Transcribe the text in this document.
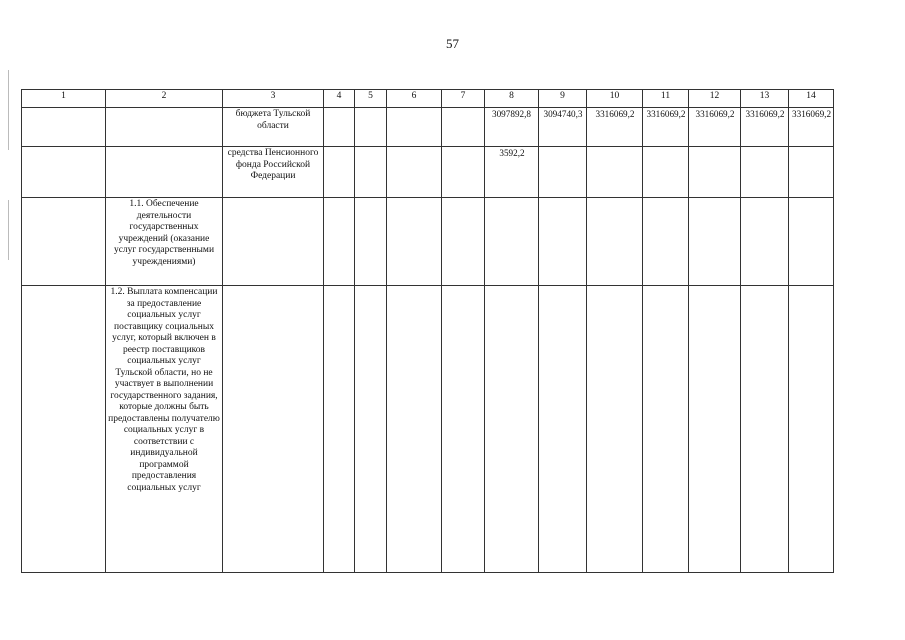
57
1	2	3	4	5	6	7	8	9	10	11	12	13	14
		бюджета Тульской области					3097892,8	3094740,3	3316069,2	3316069,2	3316069,2	3316069,2	3316069,2
		средства Пенсионного фонда Российской Федерации					3592,2						
	1.1. Обеспечение деятельности государственных учреждений (оказание услуг государственными учреждениями)												
	1.2. Выплата компенсации за предоставление социальных услуг поставщику социальных услуг, который включен в реестр поставщиков социальных услуг Тульской области, но не участвует в выполнении государственного задания, которые должны быть предоставлены получателю социальных услуг в соответствии с индивидуальной программой предоставления социальных услуг												
